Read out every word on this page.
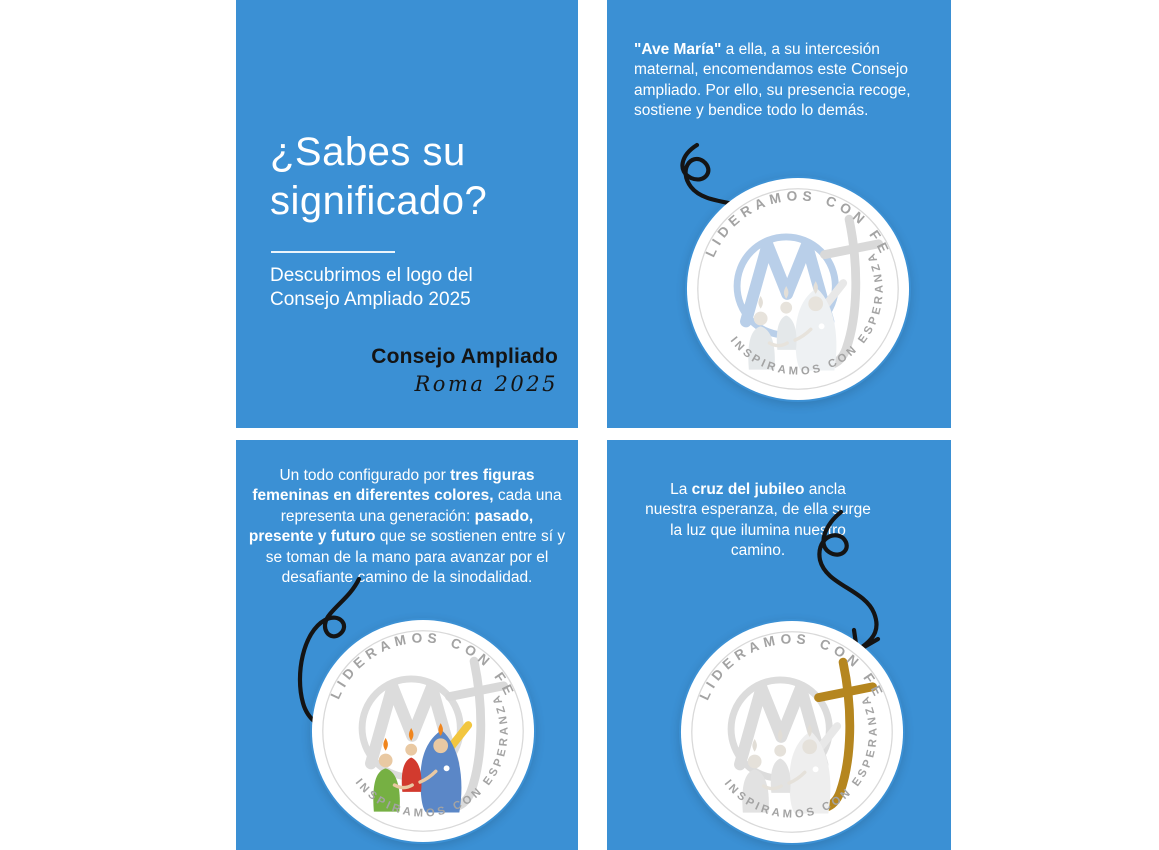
¿Sabes su significado?

Descubrimos el logo del Consejo Ampliado 2025

Consejo Ampliado
Roma 2025

"Ave María" a ella, a su intercesión maternal, encomendamos este Consejo ampliado. Por ello, su presencia recoge, sostiene y bendice todo lo demás.

LIDERAMOS CON FE
INSPIRAMOS CON ESPERANZA

Un todo configurado por tres figuras femeninas en diferentes colores, cada una representa una generación: pasado, presente y futuro que se sostienen entre sí y se toman de la mano para avanzar por el desafiante camino de la sinodalidad.

LIDERAMOS CON FE
INSPIRAMOS CON ESPERANZA

La cruz del jubileo ancla nuestra esperanza, de ella surge la luz que ilumina nuestro camino.

LIDERAMOS CON FE
INSPIRAMOS CON ESPERANZA
